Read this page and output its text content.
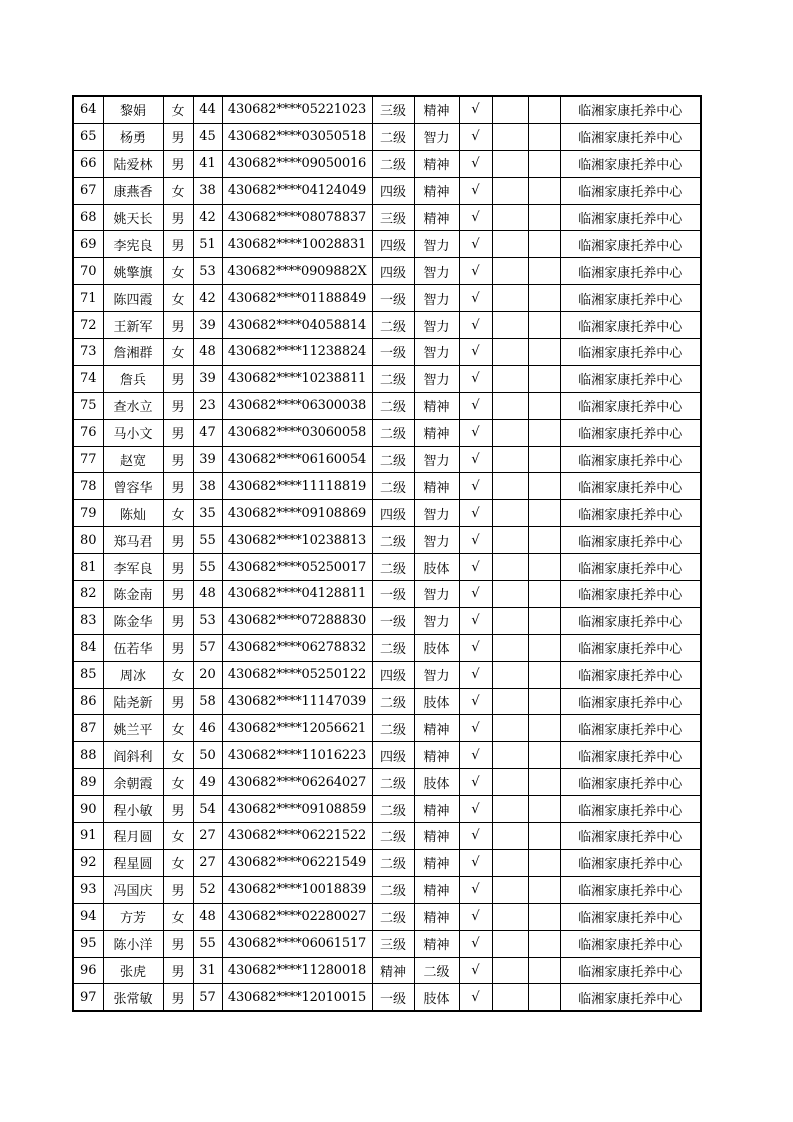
64	黎娟	女	44	430682****05221023	三级	精神	√			临湘家康托养中心
65	杨勇	男	45	430682****03050518	二级	智力	√			临湘家康托养中心
66	陆爱林	男	41	430682****09050016	二级	精神	√			临湘家康托养中心
67	康燕香	女	38	430682****04124049	四级	精神	√			临湘家康托养中心
68	姚天长	男	42	430682****08078837	三级	精神	√			临湘家康托养中心
69	李宪良	男	51	430682****10028831	四级	智力	√			临湘家康托养中心
70	姚擎旗	女	53	430682****0909882X	四级	智力	√			临湘家康托养中心
71	陈四霞	女	42	430682****01188849	一级	智力	√			临湘家康托养中心
72	王新军	男	39	430682****04058814	二级	智力	√			临湘家康托养中心
73	詹湘群	女	48	430682****11238824	一级	智力	√			临湘家康托养中心
74	詹兵	男	39	430682****10238811	二级	智力	√			临湘家康托养中心
75	查水立	男	23	430682****06300038	二级	精神	√			临湘家康托养中心
76	马小文	男	47	430682****03060058	二级	精神	√			临湘家康托养中心
77	赵宽	男	39	430682****06160054	二级	智力	√			临湘家康托养中心
78	曾容华	男	38	430682****11118819	二级	精神	√			临湘家康托养中心
79	陈灿	女	35	430682****09108869	四级	智力	√			临湘家康托养中心
80	郑马君	男	55	430682****10238813	二级	智力	√			临湘家康托养中心
81	李军良	男	55	430682****05250017	二级	肢体	√			临湘家康托养中心
82	陈金南	男	48	430682****04128811	一级	智力	√			临湘家康托养中心
83	陈金华	男	53	430682****07288830	一级	智力	√			临湘家康托养中心
84	伍若华	男	57	430682****06278832	二级	肢体	√			临湘家康托养中心
85	周冰	女	20	430682****05250122	四级	智力	√			临湘家康托养中心
86	陆尧新	男	58	430682****11147039	二级	肢体	√			临湘家康托养中心
87	姚兰平	女	46	430682****12056621	二级	精神	√			临湘家康托养中心
88	阎斜利	女	50	430682****11016223	四级	精神	√			临湘家康托养中心
89	余朝霞	女	49	430682****06264027	二级	肢体	√			临湘家康托养中心
90	程小敏	男	54	430682****09108859	二级	精神	√			临湘家康托养中心
91	程月圆	女	27	430682****06221522	二级	精神	√			临湘家康托养中心
92	程星圆	女	27	430682****06221549	二级	精神	√			临湘家康托养中心
93	冯国庆	男	52	430682****10018839	二级	精神	√			临湘家康托养中心
94	方芳	女	48	430682****02280027	二级	精神	√			临湘家康托养中心
95	陈小洋	男	55	430682****06061517	三级	精神	√			临湘家康托养中心
96	张虎	男	31	430682****11280018	精神	二级	√			临湘家康托养中心
97	张常敏	男	57	430682****12010015	一级	肢体	√			临湘家康托养中心
